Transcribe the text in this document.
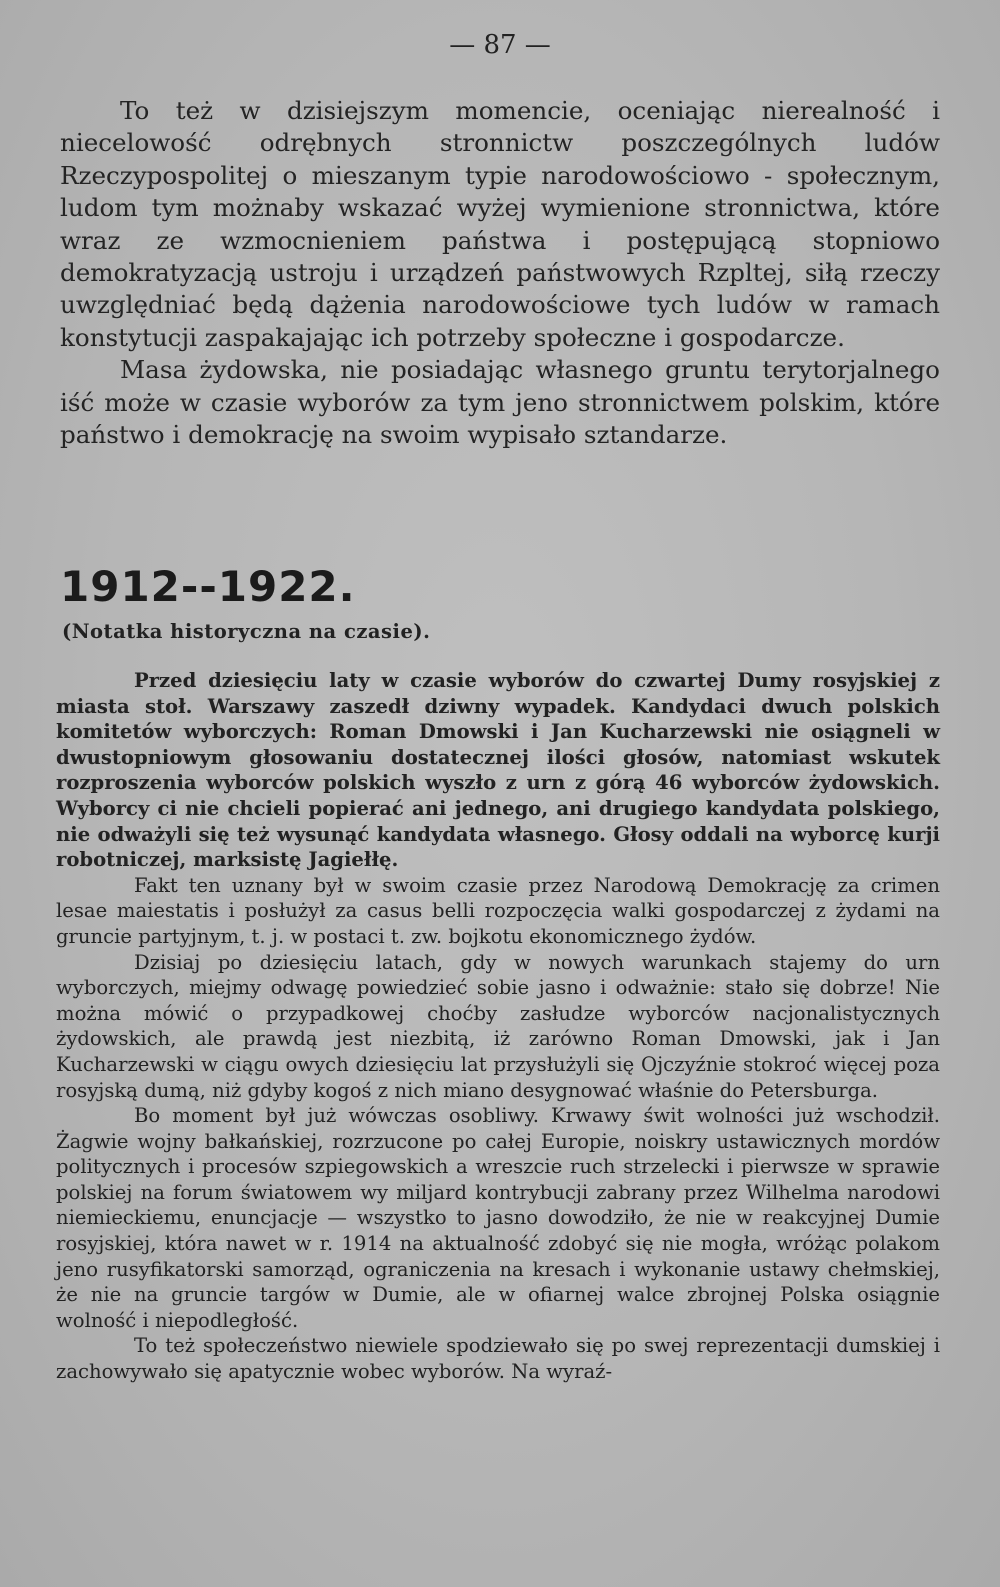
— 87 —

To też w dzisiejszym momencie, oceniając nierealność i niecelowość odrębnych stronnictw poszczególnych ludów Rzeczypospolitej o mieszanym typie narodowościowo - społecznym, ludom tym możnaby wskazać wyżej wymienione stronnictwa, które wraz ze wzmocnieniem państwa i postępującą stopniowo demokratyzacją ustroju i urządzeń państwowych Rzpltej, siłą rzeczy uwzględniać będą dążenia narodowościowe tych ludów w ramach konstytucji zaspakajając ich potrzeby społeczne i gospodarcze.

Masa żydowska, nie posiadając własnego gruntu terytorjalnego iść może w czasie wyborów za tym jeno stronnictwem polskim, które państwo i demokrację na swoim wypisało sztandarze.

1912--1922.
(Notatka historyczna na czasie).

Przed dziesięciu laty w czasie wyborów do czwartej Dumy rosyjskiej z miasta stoł. Warszawy zaszedł dziwny wypadek. Kandydaci dwuch polskich komitetów wyborczych: Roman Dmowski i Jan Kucharzewski nie osiągneli w dwustopniowym głosowaniu dostatecznej ilości głosów, natomiast wskutek rozproszenia wyborców polskich wyszło z urn z górą 46 wyborców żydowskich. Wyborcy ci nie chcieli popierać ani jednego, ani drugiego kandydata polskiego, nie odważyli się też wysunąć kandydata własnego. Głosy oddali na wyborcę kurji robotniczej, marksistę Jagiełłę.

Fakt ten uznany był w swoim czasie przez Narodową Demokrację za crimen lesae maiestatis i posłużył za casus belli rozpoczęcia walki gospodarczej z żydami na gruncie partyjnym, t. j. w postaci t. zw. bojkotu ekonomicznego żydów.

Dzisiaj po dziesięciu latach, gdy w nowych warunkach stajemy do urn wyborczych, miejmy odwagę powiedzieć sobie jasno i odważnie: stało się dobrze! Nie można mówić o przypadkowej choćby zasłudze wyborców nacjonalistycznych żydowskich, ale prawdą jest niezbitą, iż zarówno Roman Dmowski, jak i Jan Kucharzewski w ciągu owych dziesięciu lat przysłużyli się Ojczyźnie stokroć więcej poza rosyjską dumą, niż gdyby kogoś z nich miano desygnować właśnie do Petersburga.

Bo moment był już wówczas osobliwy. Krwawy świt wolności już wschodził. Żagwie wojny bałkańskiej, rozrzucone po całej Europie, noiskry ustawicznych mordów politycznych i procesów szpiegowskich a wreszcie ruch strzelecki i pierwsze w sprawie polskiej na forum światowem wy miljard kontrybucji zabrany przez Wilhelma narodowi niemieckiemu, enuncjacje — wszystko to jasno dowodziło, że nie w reakcyjnej Dumie rosyjskiej, która nawet w r. 1914 na aktualność zdobyć się nie mogła, wróżąc polakom jeno rusyfikatorski samorząd, ograniczenia na kresach i wykonanie ustawy chełmskiej, że nie na gruncie targów w Dumie, ale w ofiarnej walce zbrojnej Polska osiągnie wolność i niepodległość.

To też społeczeństwo niewiele spodziewało się po swej reprezentacji dumskiej i zachowywało się apatycznie wobec wyborów. Na wyraź-
